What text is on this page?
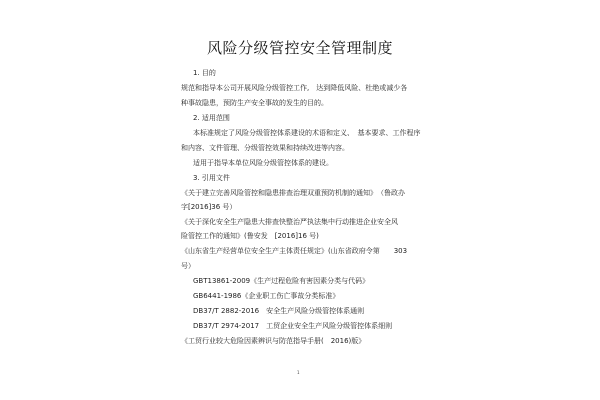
风险分级管控安全管理制度
1. 目的
规范和指导本公司开展风险分级管控工作,　达到降低风险、杜绝或减少各
种事故隐患，预防生产安全事故的发生的目的。
2. 适用范围
本标准规定了风险分级管控体系建设的术语和定义、　基本要求、工作程序
和内容、文件管理、分级管控效果和持续改进等内容。
适用于指导本单位风险分级管控体系的建设。
3. 引用文件
《关于建立完善风险管控和隐患排查治理双重预防机制的通知》　（鲁政办
字[2016]36 号）
《关于深化安全生产隐患大排查快整治严执法集中行动推进企业安全风
险管控工作的通知》(鲁安发　[2016]16 号)
《山东省生产经营单位安全生产主体责任规定》(山东省政府令第　　303
号）
GBT13861-2009《生产过程危险有害因素分类与代码》
GB6441-1986《企业职工伤亡事故分类标准》
DB37/T 2882-2016　安全生产风险分级管控体系通则
DB37/T 2974-2017　工贸企业安全生产风险分级管控体系细则
《工贸行业较大危险因素辨识与防范指导手册(　2016)版》
1
